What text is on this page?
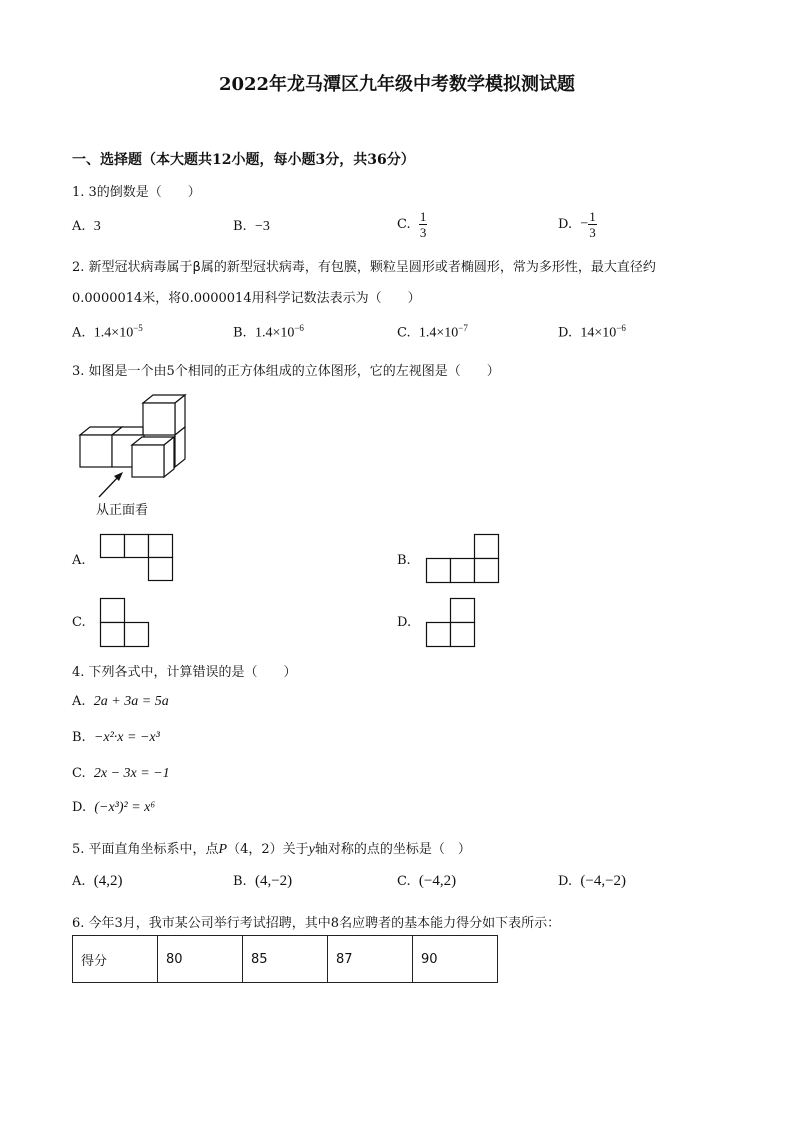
2022年龙马潭区九年级中考数学模拟测试题
一、选择题（本大题共12小题，每小题3分，共36分）
1. 3的倒数是（　　）
A. 3	B. −3	C. $\frac{1}{3}$	D. − $\frac{1}{3}$
2. 新型冠状病毒属于β属的新型冠状病毒，有包膜，颗粒呈圆形或者椭圆形，常为多形性，最大直径约
0.0000014米，将0.0000014用科学记数法表示为（　　）
A. $1.4\times 10^{-5}$	B. $1.4\times 10^{-6}$	C. $1.4\times 10^{-7}$	D. $14\times 10^{-6}$
3. 如图是一个由5个相同的正方体组成的立体图形，它的左视图是（　　）
从正面看
A.	B.
C.	D.
4. 下列各式中，计算错误的是（　　）
A. 2a + 3a = 5a
B. −x²·x = −x³
C. 2x − 3x = −1
D. (−x³)² = x⁶
5. 平面直角坐标系中，点P（4，2）关于y轴对称的点的坐标是（　）
A. (4,2)	B. (4,−2)	C. (−4,2)	D. (−4,−2)
6. 今年3月，我市某公司举行考试招聘，其中8名应聘者的基本能力得分如下表所示：
得分	80	85	87	90
